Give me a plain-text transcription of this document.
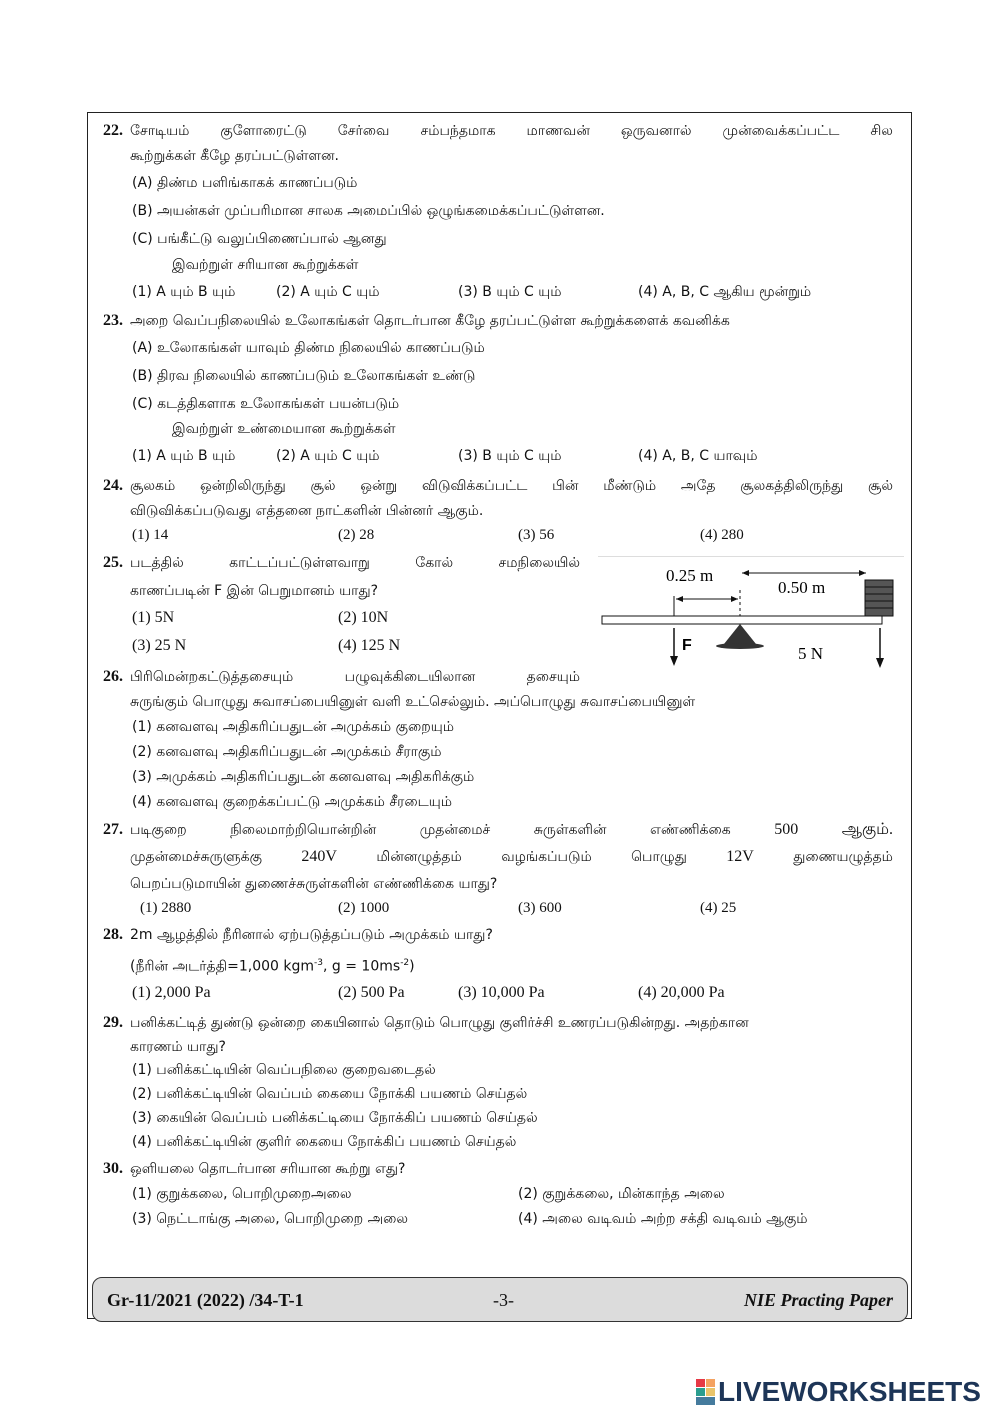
22. சோடியம் குளோரைட்டு சேர்வை சம்பந்தமாக மாணவன் ஒருவனால் முன்வைக்கப்பட்ட சில
கூற்றுக்கள் கீழே தரப்பட்டுள்ளன.
(A) திண்ம பளிங்காகக் காணப்படும்
(B) அயன்கள் முப்பரிமான சாலக அமைப்பில் ஒழுங்கமைக்கப்பட்டுள்ளன.
(C) பங்கீட்டு வலுப்பிணைப்பால் ஆனது
இவற்றுள் சரியான கூற்றுக்கள்
(1) A யும் B யும்	(2) A யும் C யும்	(3) B யும் C யும்	(4) A, B, C ஆகிய மூன்றும்
23. அறை வெப்பநிலையில் உலோகங்கள் தொடர்பான கீழே தரப்பட்டுள்ள கூற்றுக்களைக் கவனிக்க
(A) உலோகங்கள் யாவும் திண்ம நிலையில் காணப்படும்
(B) திரவ நிலையில் காணப்படும் உலோகங்கள் உண்டு
(C) கடத்திகளாக உலோகங்கள் பயன்படும்
இவற்றுள் உண்மையான கூற்றுக்கள்
(1) A யும் B யும்	(2) A யும் C யும்	(3) B யும் C யும்	(4) A, B, C யாவும்
24. சூலகம் ஒன்றிலிருந்து சூல் ஒன்று விடுவிக்கப்பட்ட பின் மீண்டும் அதே சூலகத்திலிருந்து சூல்
விடுவிக்கப்படுவது எத்தனை நாட்களின் பின்னர் ஆகும்.
(1) 14	(2) 28	(3) 56	(4) 280
25. படத்தில்	காட்டப்பட்டுள்ளவாறு	கோல்	சமநிலையில்
காணப்படின் F இன் பெறுமானம் யாது?
(1) 5N	(2) 10N
(3) 25 N	(4) 125 N
0.25 m
0.50 m
F	5 N
26. பிரிமென்றகட்டுத்தசையும்	பழுவுக்கிடையிலான	தசையும்
சுருங்கும் பொழுது சுவாசப்பையினுள் வளி உட்செல்லும். அப்பொழுது சுவாசப்பையினுள்
(1) கனவளவு அதிகரிப்பதுடன் அமுக்கம் குறையும்
(2) கனவளவு அதிகரிப்பதுடன் அமுக்கம் சீராகும்
(3) அமுக்கம் அதிகரிப்பதுடன் கனவளவு அதிகரிக்கும்
(4) கனவளவு குறைக்கப்பட்டு அமுக்கம் சீரடையும்
27. படிகுறை	நிலைமாற்றியொன்றின்	முதன்மைச்	சுருள்களின்	எண்ணிக்கை	500	ஆகும்.
முதன்மைச்சுருளுக்கு 240V	மின்னழுத்தம்	வழங்கப்படும்	பொழுது 12V	துணையழுத்தம்
பெறப்படுமாயின் துணைச்சுருள்களின் எண்ணிக்கை யாது?
(1) 2880	(2) 1000	(3) 600	(4) 25
28. 2m ஆழத்தில் நீரினால் ஏற்படுத்தப்படும் அமுக்கம் யாது?
(நீரின் அடர்த்தி=1,000 kgm$^{-3}$, $g = 10ms^{-2}$)
(1) 2,000 Pa	(2) 500 Pa	(3) 10,000 Pa	(4) 20,000 Pa
29. பனிக்கட்டித் துண்டு ஒன்றை கையினால் தொடும் பொழுது குளிர்ச்சி உணரப்படுகின்றது. அதற்கான
காரணம் யாது?
(1) பனிக்கட்டியின் வெப்பநிலை குறைவடைதல்
(2) பனிக்கட்டியின் வெப்பம் கையை நோக்கி பயணம் செய்தல்
(3) கையின் வெப்பம் பனிக்கட்டியை நோக்கிப் பயணம் செய்தல்
(4) பனிக்கட்டியின் குளிர் கையை நோக்கிப் பயணம் செய்தல்
30. ஒளியலை தொடர்பான சரியான கூற்று எது?
(1) குறுக்கலை, பொறிமுறைஅலை	(2) குறுக்கலை, மின்காந்த அலை
(3) நெட்டாங்கு அலை, பொறிமுறை அலை	(4) அலை வடிவம் அற்ற சக்தி வடிவம் ஆகும்
Gr-11/2021 (2022) /34-T-1	-3-	NIE Practing Paper
LIVEWORKSHEETS
